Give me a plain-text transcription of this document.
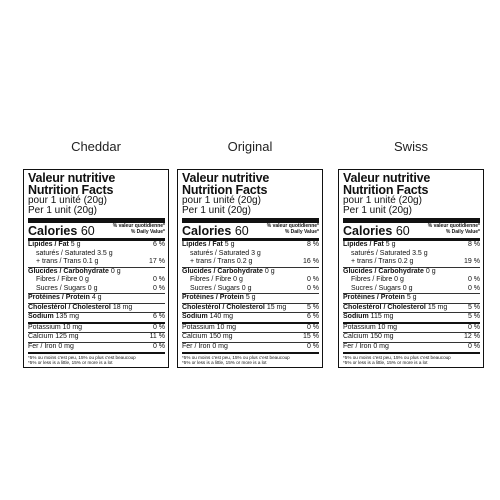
Cheddar
Valeur nutritive
Nutrition Facts
pour 1 unité (20g)
Per 1 unit (20g)
Calories 60	% valeur quotidienne*
% Daily Value*
Lipides / Fat 5 g	6 %
saturés / Saturated 3.5 g
+ trans / Trans 0.1 g	17 %
Glucides / Carbohydrate 0 g
Fibres / Fibre 0 g	0 %
Sucres / Sugars 0 g	0 %
Protéines / Protein 4 g
Cholestérol / Cholesterol 18 mg
Sodium 135 mg	6 %
Potassium 10 mg	0 %
Calcium 125 mg	11 %
Fer / Iron 0 mg	0 %
*5% ou moins c'est peu, 15% ou plus c'est beaucoup
*5% or less is a little, 15% or more is a lot
Original
Valeur nutritive
Nutrition Facts
pour 1 unité (20g)
Per 1 unit (20g)
Calories 60	% valeur quotidienne*
% Daily Value*
Lipides / Fat 5 g	8 %
saturés / Saturated 3 g
+ trans / Trans 0.2 g	16 %
Glucides / Carbohydrate 0 g
Fibres / Fibre 0 g	0 %
Sucres / Sugars 0 g	0 %
Protéines / Protein 5 g
Cholestérol / Cholesterol 15 mg	5 %
Sodium 140 mg	6 %
Potassium 10 mg	0 %
Calcium 150 mg	15 %
Fer / Iron 0 mg	0 %
*5% ou moins c'est peu, 15% ou plus c'est beaucoup
*5% or less is a little, 15% or more is a lot
Swiss
Valeur nutritive
Nutrition Facts
pour 1 unité (20g)
Per 1 unit (20g)
Calories 60	% valeur quotidienne*
% Daily Value*
Lipides / Fat 5 g	8 %
saturés / Saturated 3.5 g
+ trans / Trans 0.2 g	19 %
Glucides / Carbohydrate 0 g
Fibres / Fibre 0 g	0 %
Sucres / Sugars 0 g	0 %
Protéines / Protein 5 g
Cholestérol / Cholesterol 15 mg	5 %
Sodium 115 mg	5 %
Potassium 10 mg	0 %
Calcium 150 mg	12 %
Fer / Iron 0 mg	0 %
*5% ou moins c'est peu, 15% ou plus c'est beaucoup
*5% or less is a little, 15% or more is a lot
